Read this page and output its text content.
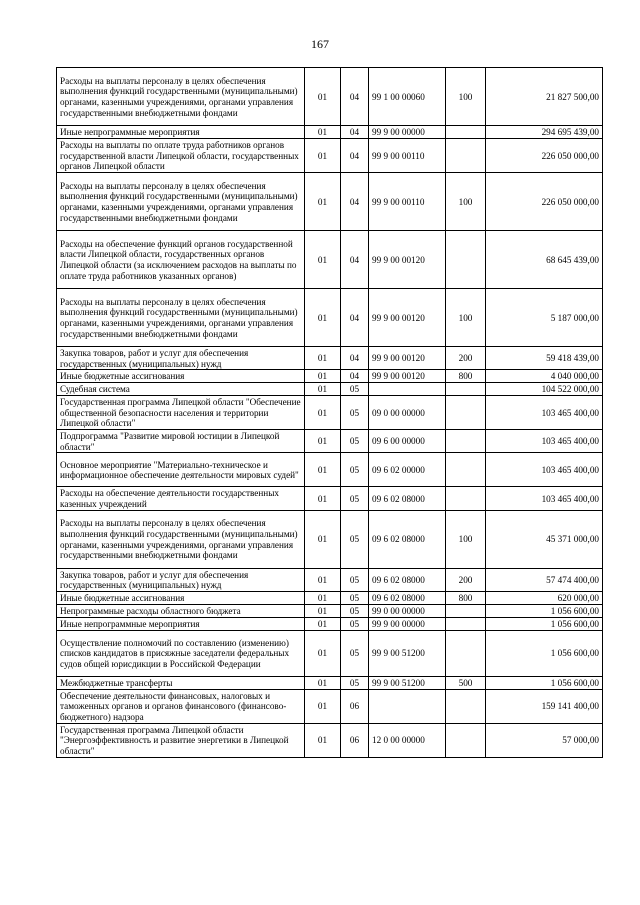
167
Расходы на выплаты персоналу в целях обеспечения выполнения функций государственными (муниципальными) органами, казенными учреждениями, органами управления государственными внебюджетными фондами	01	04	99 1 00 00060	100	21 827 500,00
Иные непрограммные мероприятия	01	04	99 9 00 00000		294 695 439,00
Расходы на выплаты по оплате труда работников органов государственной власти Липецкой области, государственных органов Липецкой области	01	04	99 9 00 00110		226 050 000,00
Расходы на выплаты персоналу в целях обеспечения выполнения функций государственными (муниципальными) органами, казенными учреждениями, органами управления государственными внебюджетными фондами	01	04	99 9 00 00110	100	226 050 000,00
Расходы на обеспечение функций органов государственной власти Липецкой области, государственных органов Липецкой области (за исключением расходов на выплаты по оплате труда работников указанных органов)	01	04	99 9 00 00120		68 645 439,00
Расходы на выплаты персоналу в целях обеспечения выполнения функций государственными (муниципальными) органами, казенными учреждениями, органами управления государственными внебюджетными фондами	01	04	99 9 00 00120	100	5 187 000,00
Закупка товаров, работ и услуг для обеспечения государственных (муниципальных) нужд	01	04	99 9 00 00120	200	59 418 439,00
Иные бюджетные ассигнования	01	04	99 9 00 00120	800	4 040 000,00
Судебная система	01	05			104 522 000,00
Государственная программа Липецкой области "Обеспечение общественной безопасности населения и территории Липецкой области"	01	05	09 0 00 00000		103 465 400,00
Подпрограмма "Развитие мировой юстиции в Липецкой области"	01	05	09 6 00 00000		103 465 400,00
Основное мероприятие "Материально-техническое и информационное обеспечение деятельности мировых судей"	01	05	09 6 02 00000		103 465 400,00
Расходы на обеспечение деятельности государственных казенных учреждений	01	05	09 6 02 08000		103 465 400,00
Расходы на выплаты персоналу в целях обеспечения выполнения функций государственными (муниципальными) органами, казенными учреждениями, органами управления государственными внебюджетными фондами	01	05	09 6 02 08000	100	45 371 000,00
Закупка товаров, работ и услуг для обеспечения государственных (муниципальных) нужд	01	05	09 6 02 08000	200	57 474 400,00
Иные бюджетные ассигнования	01	05	09 6 02 08000	800	620 000,00
Непрограммные расходы областного бюджета	01	05	99 0 00 00000		1 056 600,00
Иные непрограммные мероприятия	01	05	99 9 00 00000		1 056 600,00
Осуществление полномочий по составлению (изменению) списков кандидатов в присяжные заседатели федеральных судов общей юрисдикции в Российской Федерации	01	05	99 9 00 51200		1 056 600,00
Межбюджетные трансферты	01	05	99 9 00 51200	500	1 056 600,00
Обеспечение деятельности финансовых, налоговых и таможенных органов и органов финансового (финансово-бюджетного) надзора	01	06			159 141 400,00
Государственная программа Липецкой области "Энергоэффективность и развитие энергетики в Липецкой области"	01	06	12 0 00 00000		57 000,00
